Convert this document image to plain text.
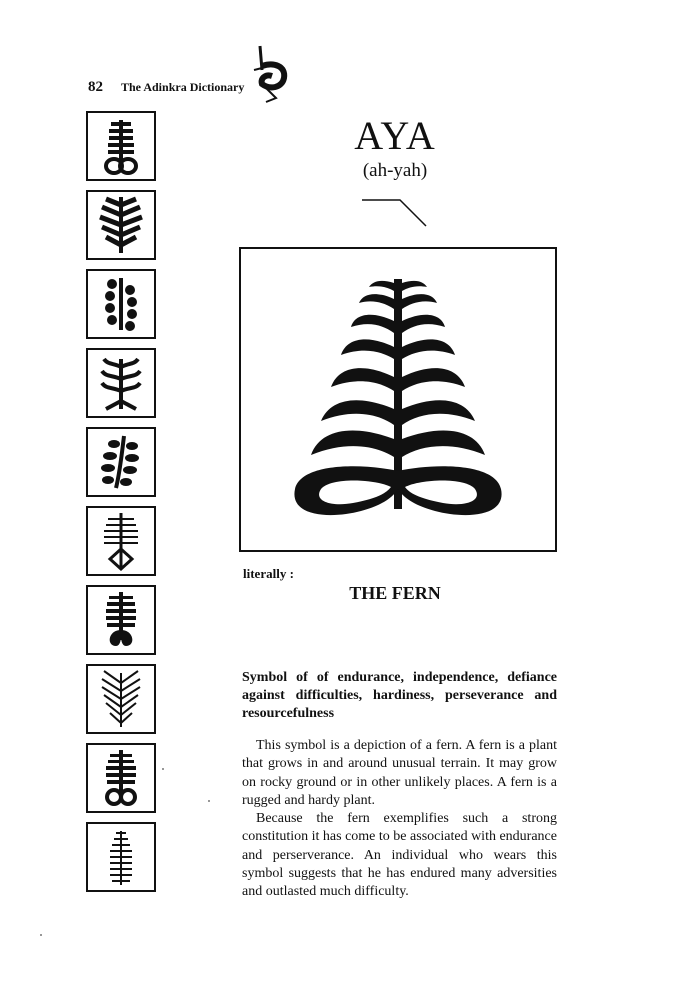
82 The Adinkra Dictionary
AYA
(ah-yah)
literally :
THE FERN
Symbol of of endurance, independence, defiance against difficulties, hardiness, perseverance and resourcefulness

This symbol is a depiction of a fern. A fern is a plant that grows in and around unusual terrain. It may grow on rocky ground or in other unlikely places. A fern is a rugged and hardy plant.

Because the fern exemplifies such a strong constitution it has come to be associated with endurance and perserverance. An individual who wears this symbol suggests that he has endured many adversities and outlasted much difficulty.
